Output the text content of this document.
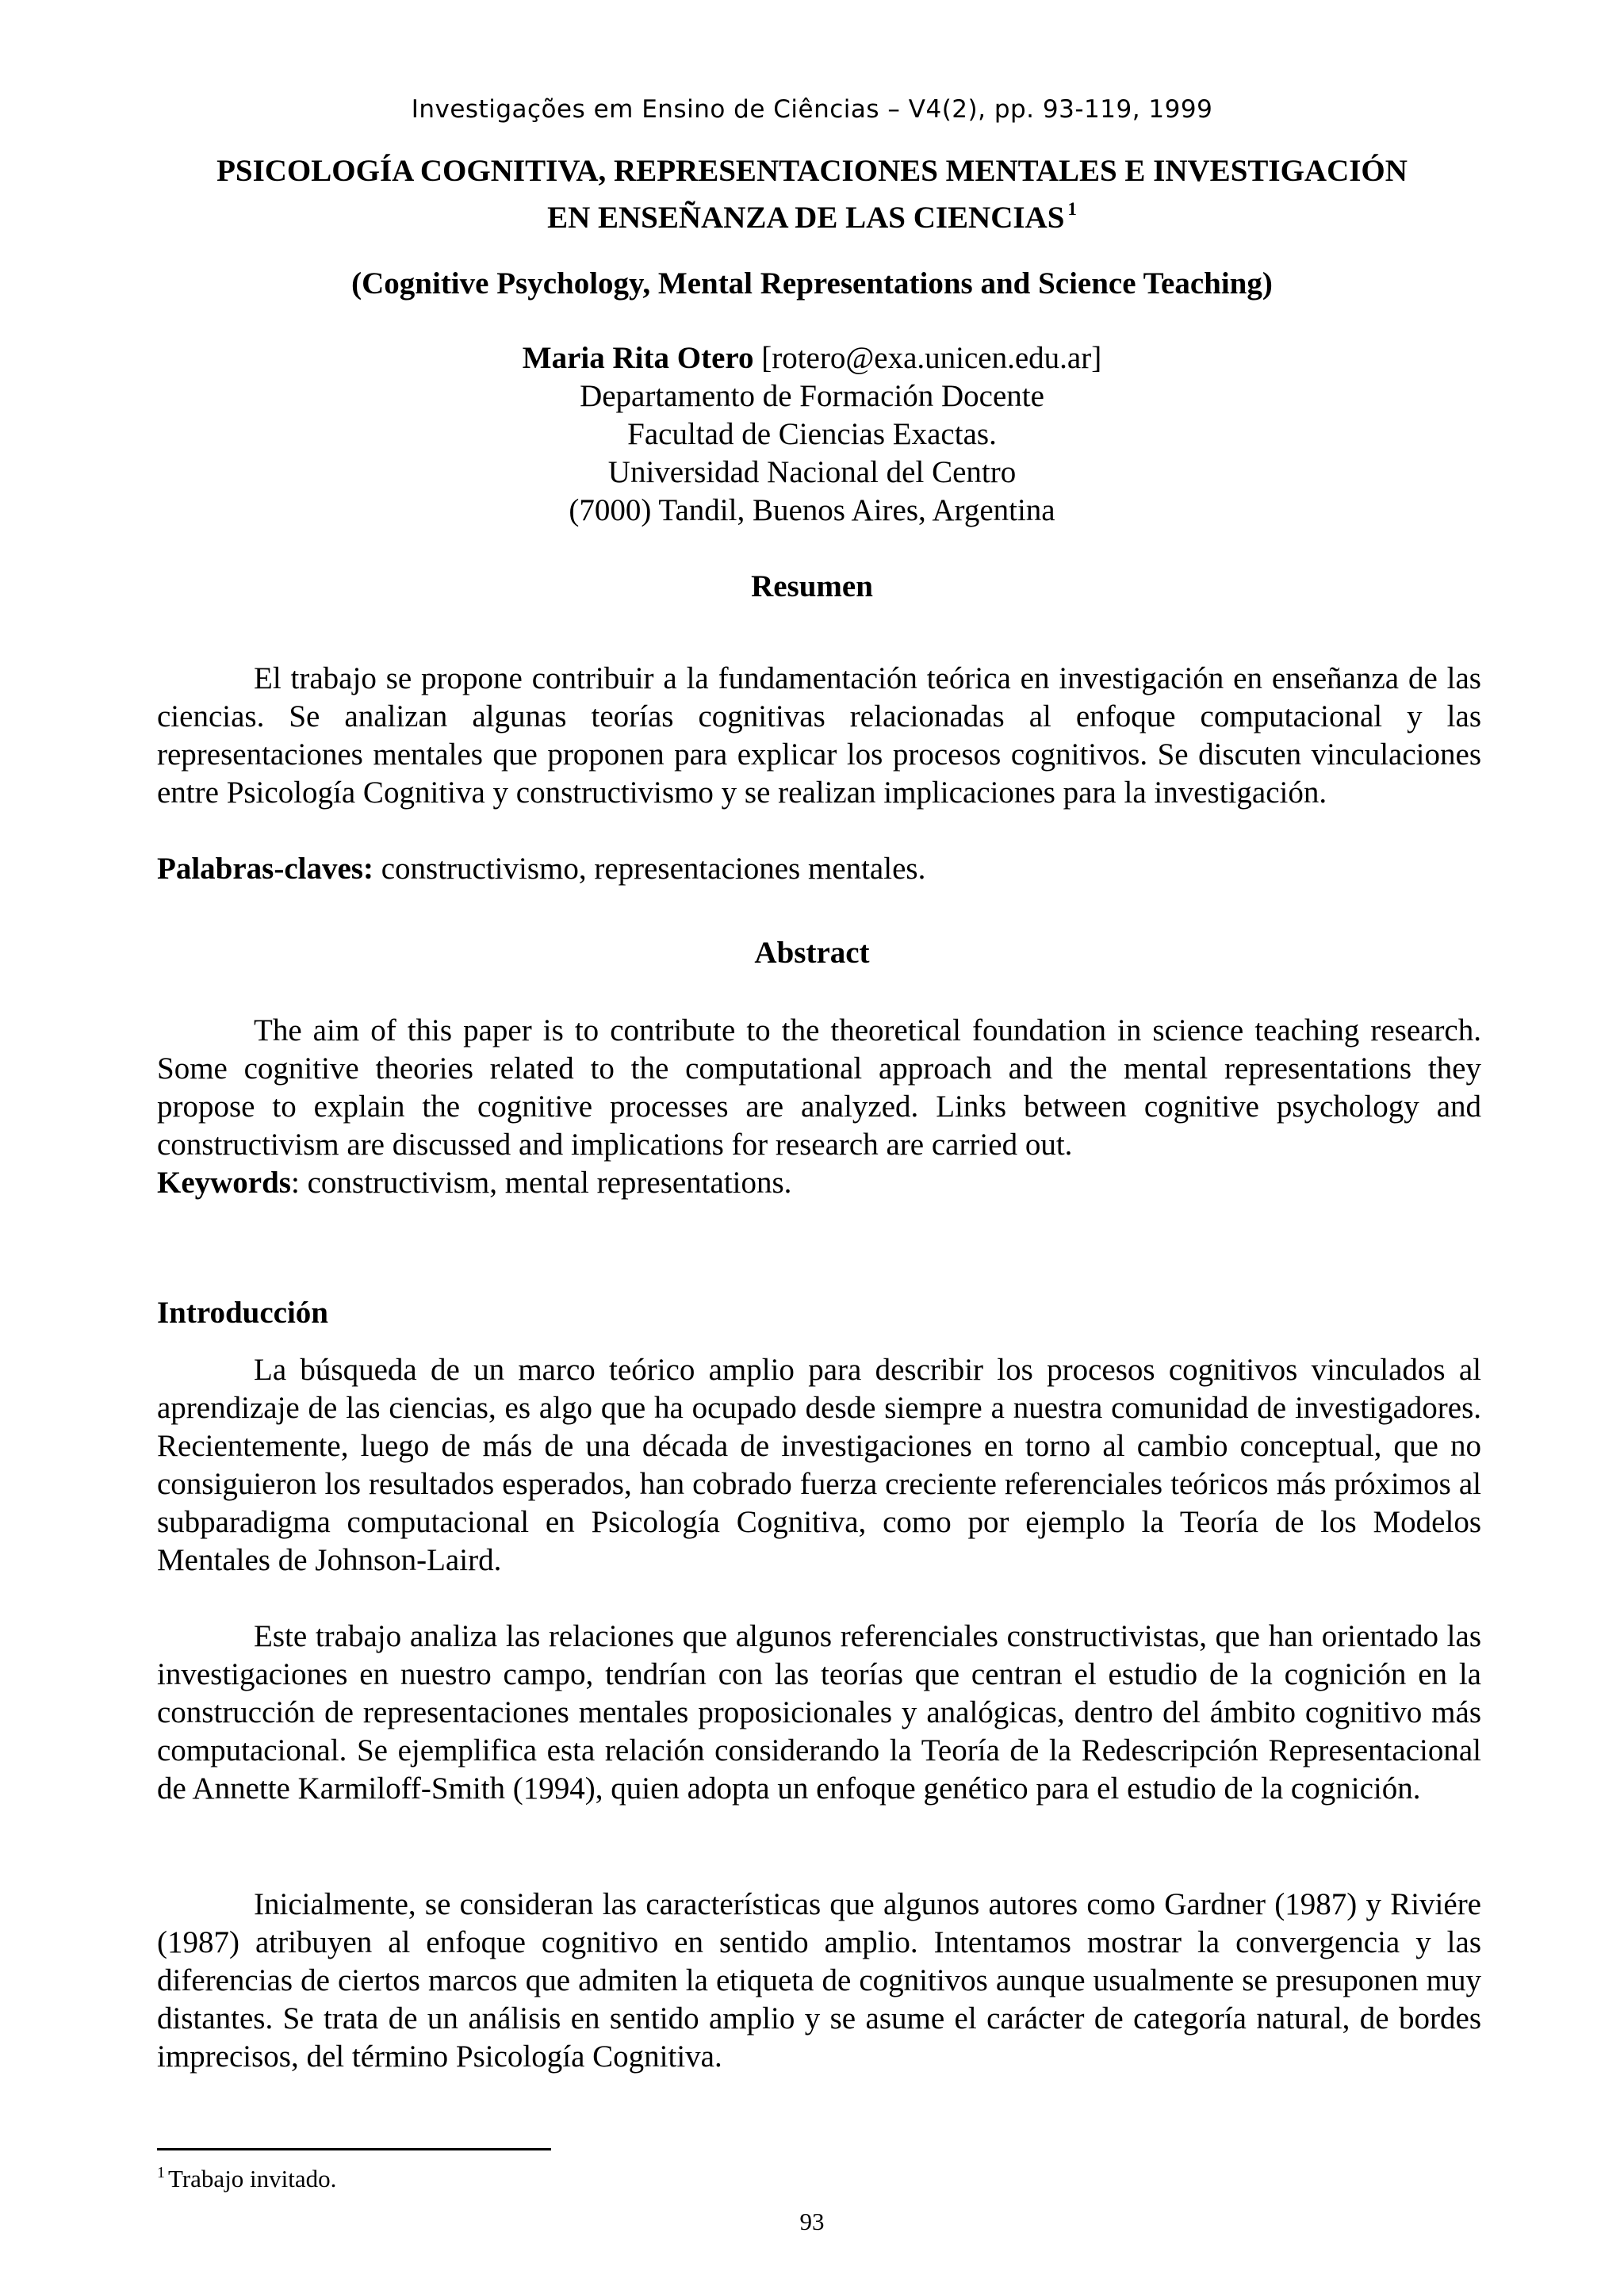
Investigações em Ensino de Ciências – V4(2), pp. 93-119, 1999
PSICOLOGÍA COGNITIVA, REPRESENTACIONES MENTALES E INVESTIGACIÓN
EN ENSEÑANZA DE LAS CIENCIAS $^1$
(Cognitive Psychology, Mental Representations and Science Teaching)
Maria Rita Otero [rotero@exa.unicen.edu.ar]
Departamento de Formación Docente
Facultad de Ciencias Exactas.
Universidad Nacional del Centro
(7000) Tandil, Buenos Aires, Argentina
Resumen

El trabajo se propone contribuir a la fundamentación teórica en investigación en enseñanza de las ciencias. Se analizan algunas teorías cognitivas relacionadas al enfoque computacional y las representaciones mentales que proponen para explicar los procesos cognitivos. Se discuten vinculaciones entre Psicología Cognitiva y constructivismo y se realizan implicaciones para la investigación.

Palabras-claves: constructivismo, representaciones mentales.
Abstract

The aim of this paper is to contribute to the theoretical foundation in science teaching research. Some cognitive theories related to the computational approach and the mental representations they propose to explain the cognitive processes are analyzed. Links between cognitive psychology and constructivism are discussed and implications for research are carried out.

Keywords: constructivism, mental representations.
Introducción

La búsqueda de un marco teórico amplio para describir los procesos cognitivos vinculados al aprendizaje de las ciencias, es algo que ha ocupado desde siempre a nuestra comunidad de investigadores. Recientemente, luego de más de una década de investigaciones en torno al cambio conceptual, que no consiguieron los resultados esperados, han cobrado fuerza creciente referenciales teóricos más próximos al subparadigma computacional en Psicología Cognitiva, como por ejemplo la Teoría de los Modelos Mentales de Johnson-Laird.

Este trabajo analiza las relaciones que algunos referenciales constructivistas, que han orientado las investigaciones en nuestro campo, tendrían con las teorías que centran el estudio de la cognición en la construcción de representaciones mentales proposicionales y analógicas, dentro del ámbito cognitivo más computacional. Se ejemplifica esta relación considerando la Teoría de la Redescripción Representacional de Annette Karmiloff-Smith (1994), quien adopta un enfoque genético para el estudio de la cognición.

Inicialmente, se consideran las características que algunos autores como Gardner (1987) y Riviére (1987) atribuyen al enfoque cognitivo en sentido amplio. Intentamos mostrar la convergencia y las diferencias de ciertos marcos que admiten la etiqueta de cognitivos aunque usualmente se presuponen muy distantes. Se trata de un análisis en sentido amplio y se asume el carácter de categoría natural, de bordes imprecisos, del término Psicología Cognitiva.

$^1$ Trabajo invitado.
93
